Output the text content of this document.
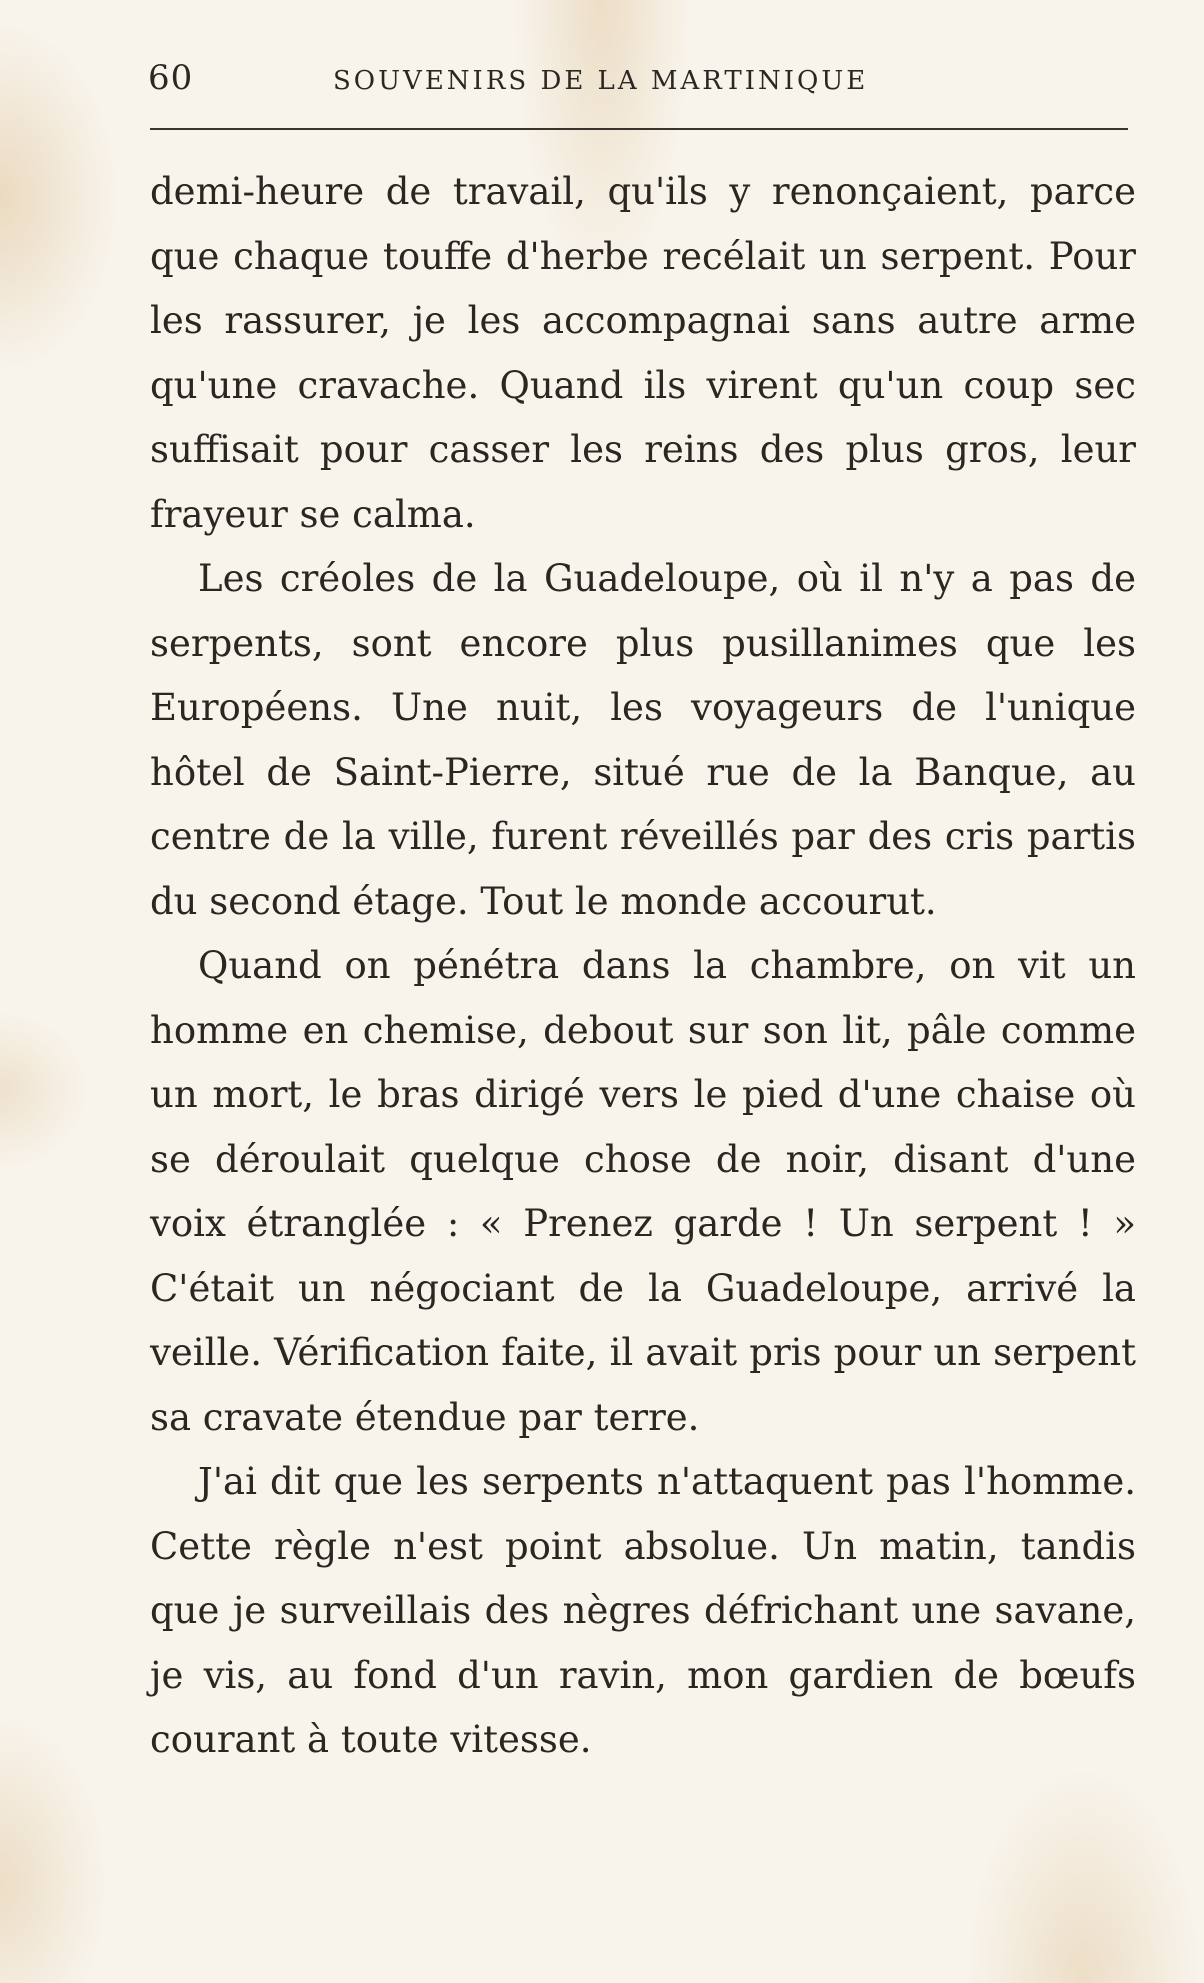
60	SOUVENIRS DE LA MARTINIQUE

demi-heure de travail, qu'ils y renonçaient, parce que chaque touffe d'herbe recélait un serpent. Pour les rassurer, je les accompagnai sans autre arme qu'une cravache. Quand ils virent qu'un coup sec suffisait pour casser les reins des plus gros, leur frayeur se calma.

Les créoles de la Guadeloupe, où il n'y a pas de serpents, sont encore plus pusillanimes que les Européens. Une nuit, les voyageurs de l'unique hôtel de Saint-Pierre, situé rue de la Banque, au centre de la ville, furent réveillés par des cris partis du second étage. Tout le monde accourut.

Quand on pénétra dans la chambre, on vit un homme en chemise, debout sur son lit, pâle comme un mort, le bras dirigé vers le pied d'une chaise où se déroulait quelque chose de noir, disant d'une voix étranglée : « Prenez garde ! Un serpent ! » C'était un négociant de la Guadeloupe, arrivé la veille. Vérification faite, il avait pris pour un serpent sa cravate étendue par terre.

J'ai dit que les serpents n'attaquent pas l'homme. Cette règle n'est point absolue. Un matin, tandis que je surveillais des nègres défrichant une savane, je vis, au fond d'un ravin, mon gardien de bœufs courant à toute vitesse.
